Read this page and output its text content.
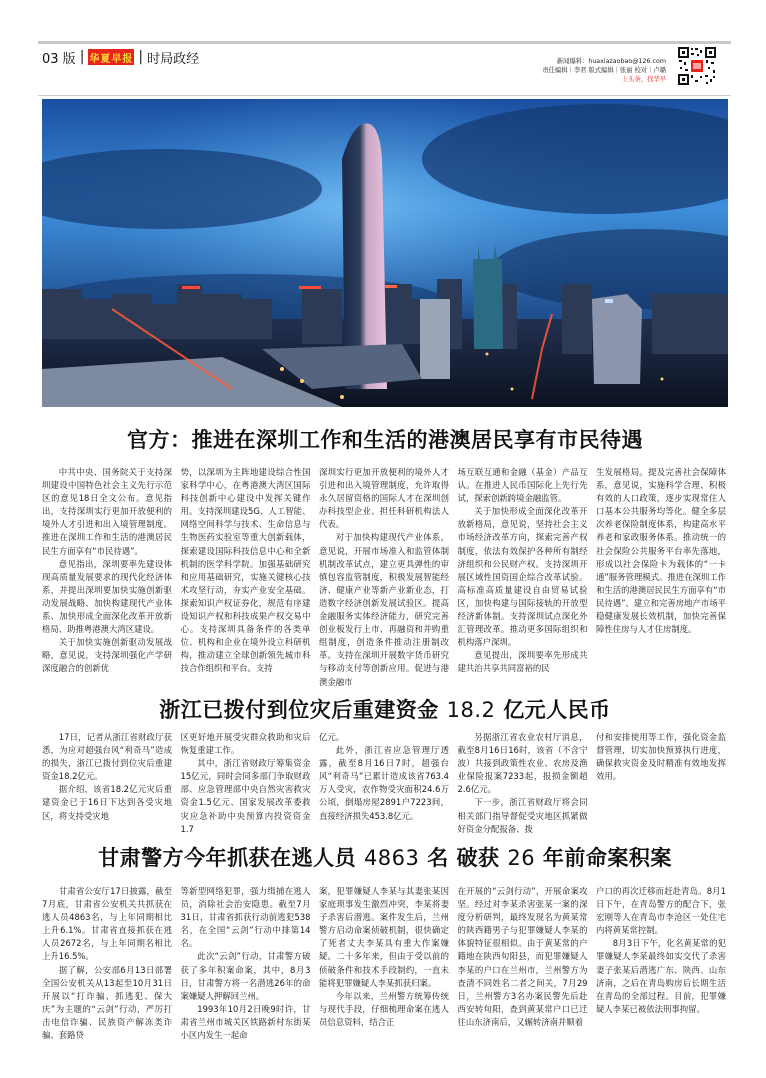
03 版 | 华夏早报 | 时局政经	新闻爆料：huaxiazaobao@126.com
责任编辑｜李君 版式编辑｜张丽 校对｜卢璐
上头条，找华早
官方：推进在深圳工作和生活的港澳居民享有市民待遇

中共中央、国务院关于支持深圳建设中国特色社会主义先行示范区的意见18日全文公布。意见指出，支持深圳实行更加开放便利的境外人才引进和出入境管理制度。推进在深圳工作和生活的港澳居民民生方面享有“市民待遇”。

意见指出，深圳要率先建设体现高质量发展要求的现代化经济体系，并提出深圳要加快实施创新驱动发展战略、加快构建现代产业体系、加快形成全面深化改革开放新格局、助推粤港澳大湾区建设。

关于加快实施创新驱动发展战略，意见说，支持深圳强化产学研深度融合的创新优

势，以深圳为主阵地建设综合性国家科学中心，在粤港澳大湾区国际科技创新中心建设中发挥关键作用。支持深圳建设5G、人工智能、网络空间科学与技术、生命信息与生物医药实验室等重大创新载体，探索建设国际科技信息中心和全新机制的医学科学院。加强基础研究和应用基础研究，实施关键核心技术攻坚行动，夯实产业安全基础。探索知识产权证券化，规范有序建设知识产权和科技成果产权交易中心。支持深圳具备条件的各类单位、机构和企业在境外设立科研机构，推动建立全球创新领先城市科技合作组织和平台。支持

深圳实行更加开放便利的境外人才引进和出入境管理制度，允许取得永久居留资格的国际人才在深圳创办科技型企业、担任科研机构法人代表。

对于加快构建现代产业体系，意见说，开展市场准入和监管体制机制改革试点，建立更具弹性的审慎包容监管制度，积极发展智能经济、健康产业等新产业新业态，打造数字经济创新发展试验区。提高金融服务实体经济能力，研究完善创业板发行上市、再融资和并购重组制度，创造条件推动注册制改革。支持在深圳开展数字货币研究与移动支付等创新应用。促进与港澳金融市

场互联互通和金融（基金）产品互认。在推进人民币国际化上先行先试，探索创新跨境金融监管。

关于加快形成全面深化改革开放新格局，意见说，坚持社会主义市场经济改革方向，探索完善产权制度，依法有效保护各种所有制经济组织和公民财产权。支持深圳开展区域性国资国企综合改革试验。高标准高质量建设自由贸易试验区，加快构建与国际接轨的开放型经济新体制。支持深圳试点深化外汇管理改革。推动更多国际组织和机构落户深圳。

意见提出，深圳要率先形成共建共治共享共同富裕的民

生发展格局。提及完善社会保障体系，意见说，实施科学合理、积极有效的人口政策，逐步实现常住人口基本公共服务均等化。健全多层次养老保险制度体系，构建高水平养老和家政服务体系。推动统一的社会保险公共服务平台率先落地，形成以社会保险卡为载体的“一卡通”服务管理模式。推进在深圳工作和生活的港澳居民民生方面享有“市民待遇”。建立和完善房地产市场平稳健康发展长效机制，加快完善保障性住房与人才住房制度。

浙江已拨付到位灾后重建资金 18.2 亿元人民币

17日，记者从浙江省财政厅获悉，为应对超强台风“利奇马”造成的损失，浙江已拨付到位灾后重建资金18.2亿元。

据介绍，该省18.2亿元灾后重建资金已于16日下达到各受灾地区，将支持受灾地

区更好地开展受灾群众救助和灾后恢复重建工作。

其中，浙江省财政厅筹集资金15亿元，同时会同多部门争取财政部、应急管理部中央自然灾害救灾资金1.5亿元、国家发展改革委救灾应急补助中央预算内投资资金1.7

亿元。

此外，浙江省应急管理厅透露，截至8月16日7时，超强台风“利奇马”已累计造成该省763.4万人受灾，农作物受灾面积24.6万公顷，倒塌房屋2891户7223间，直接经济损失453.8亿元。

另据浙江省农业农村厅消息，截至8月16日16时，该省（不含宁波）共接到政策性农业、农房及渔业保险报案7233起，报损金额超2.6亿元。

下一步，浙江省财政厅将会同相关部门指导督促受灾地区抓紧做好资金分配报备、拨

付和安排使用等工作，强化资金监督管理，切实加快预算执行进度，确保救灾资金及时精准有效地发挥效用。

甘肃警方今年抓获在逃人员 4863 名 破获 26 年前命案积案

甘肃省公安厅17日披露，截至7月底，甘肃省公安机关共抓获在逃人员4863名，与上年同期相比上升6.1%。甘肃省直接抓获在逃人员2672名，与上年同期名相比上升16.5%。

据了解，公安部6月13日部署全国公安机关从13起至10月31日开展以“打诈骗、抓逃犯、保大庆”为主题的“云剑”行动，严厉打击电信诈骗、民族资产解冻类诈骗、套路贷

等新型网络犯罪，强力缉捕在逃人员，消除社会治安隐患。截至7月31日，甘肃省抓获行动前逃犯538名，在全国“云剑”行动中排第14名。

此次“云剑”行动，甘肃警方破获了多年积案命案，其中，8月3日，甘肃警方将一名潜逃26年的命案嫌疑人押解回兰州。

1993年10月2日晚9时许，甘肃省兰州市城关区铁路新村东街某小区内发生一起命

案，犯罪嫌疑人李某与其妻张某因家庭琐事发生激烈冲突，李某将妻子杀害后潜逃。案件发生后，兰州警方启动命案侦破机制，很快确定了死者丈夫李某具有重大作案嫌疑。二十多年来，但由于受以前的侦破条件和技术手段制约，一直未能将犯罪嫌疑人李某抓获归案。

今年以来，兰州警方统筹传统与现代手段，仔细梳理命案在逃人员信息资料，结合正

在开展的“云剑行动”，开展命案攻坚。经过对李某杀害张某一案的深度分析研判，最终发现名为黄某常的陕西籍男子与犯罪嫌疑人李某的体貌特征很相似。由于黄某常的户籍地在陕西旬阳县，而犯罪嫌疑人李某的户口在兰州市，兰州警方为查清不同姓名二者之间关，7月29日，兰州警方3名办案民警先后赴西安转旬阳，查到黄某常户口已迁往山东济南后，又辗转济南并顺着

户口的再次迁移而赶赴青岛。8月1日下午，在青岛警方的配合下，张宏刚等人在青岛市李沧区一处住宅内将黄某常控制。

8月3日下午，化名黄某常的犯罪嫌疑人李某最终如实交代了杀害妻子张某后潜逃广东、陕西、山东济南，之后在青岛购房后长期生活在青岛的全部过程。目前，犯罪嫌疑人李某已被依法刑事拘留。
